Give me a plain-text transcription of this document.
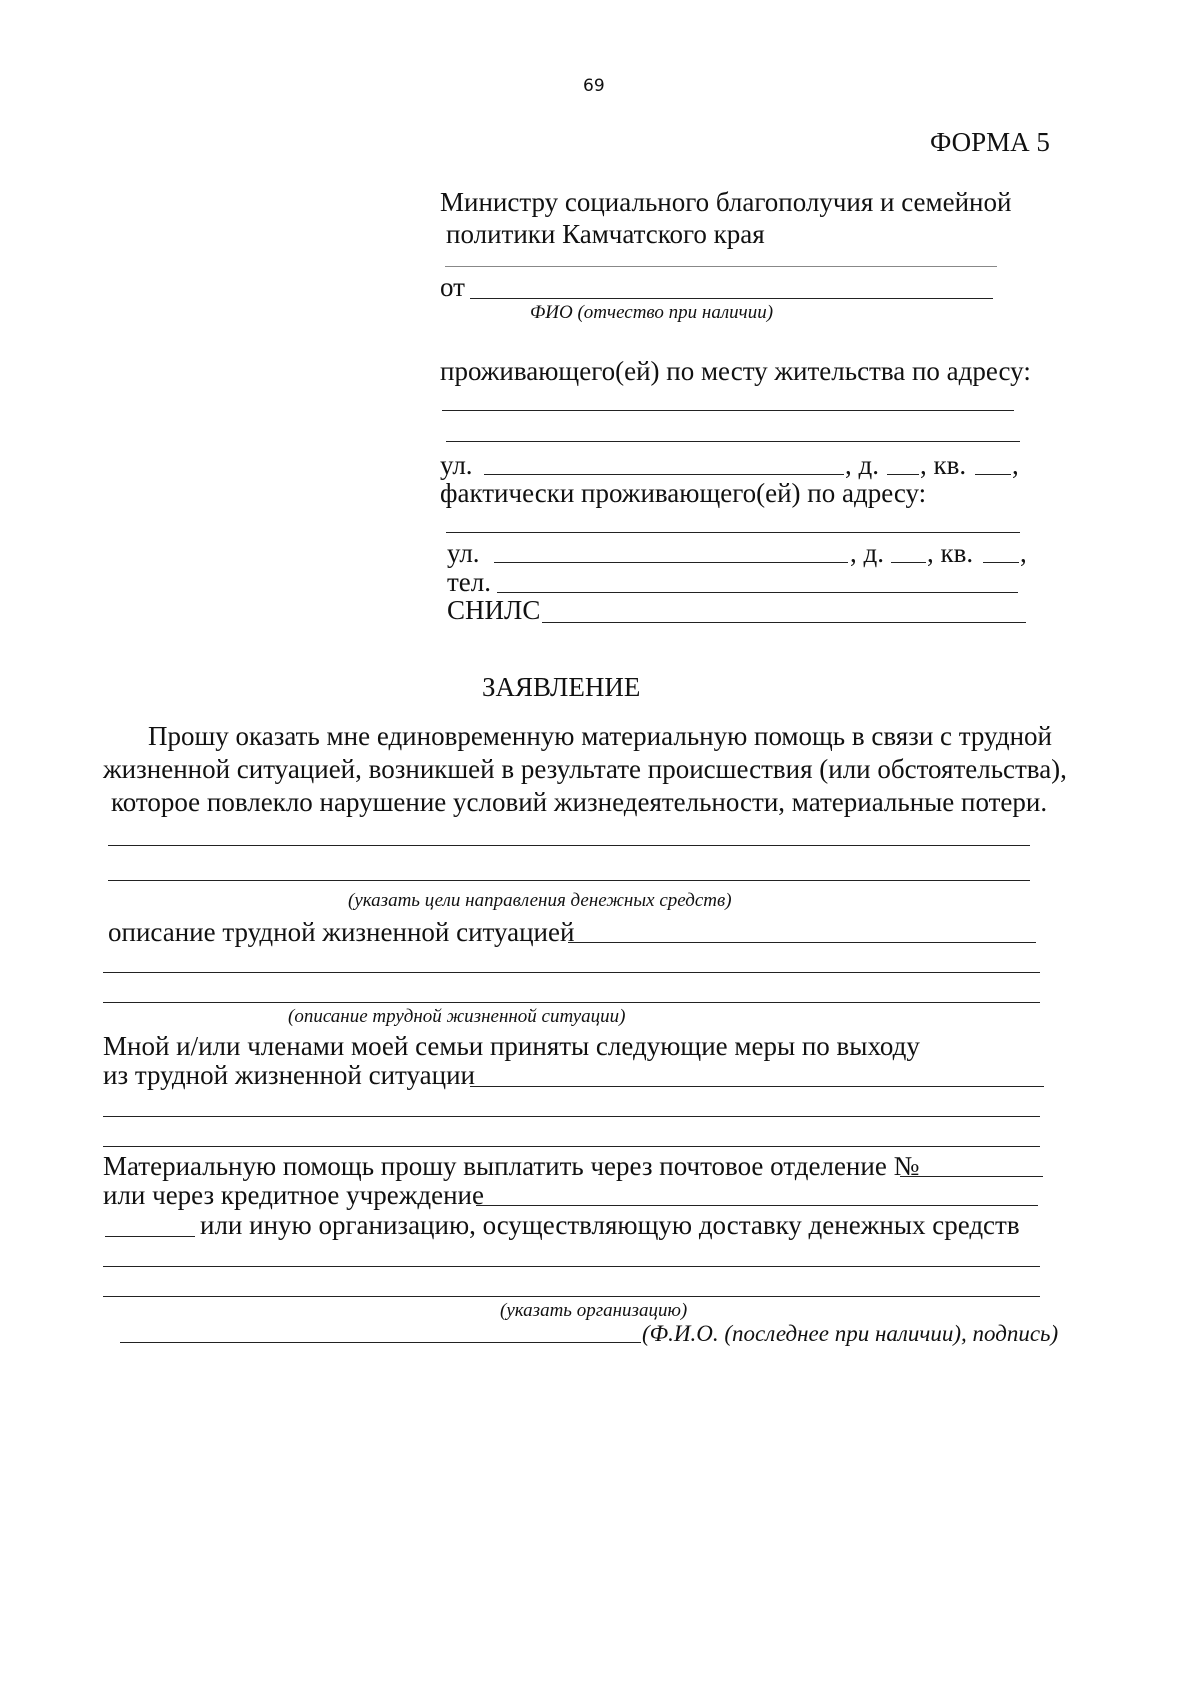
69
ФОРМА 5
Министру социального благополучия и семейной
политики Камчатского края
от
ФИО (отчество при наличии)
проживающего(ей) по месту жительства по адресу:
ул.	, д. , кв. ,
фактически проживающего(ей) по адресу:
ул.	, д. , кв. ,
тел.
СНИЛС
ЗАЯВЛЕНИЕ
Прошу оказать мне единовременную материальную помощь в связи с трудной
жизненной ситуацией, возникшей в результате происшествия (или обстоятельства),
которое повлекло нарушение условий жизнедеятельности, материальные потери.
(указать цели направления денежных средств)
описание трудной жизненной ситуацией
(описание трудной жизненной ситуации)
Мной и/или членами моей семьи приняты следующие меры по выходу
из трудной жизненной ситуации
Материальную помощь прошу выплатить через почтовое отделение №
или через кредитное учреждение
или иную организацию, осуществляющую доставку денежных средств
(указать организацию)
(Ф.И.О. (последнее при наличии), подпись)
